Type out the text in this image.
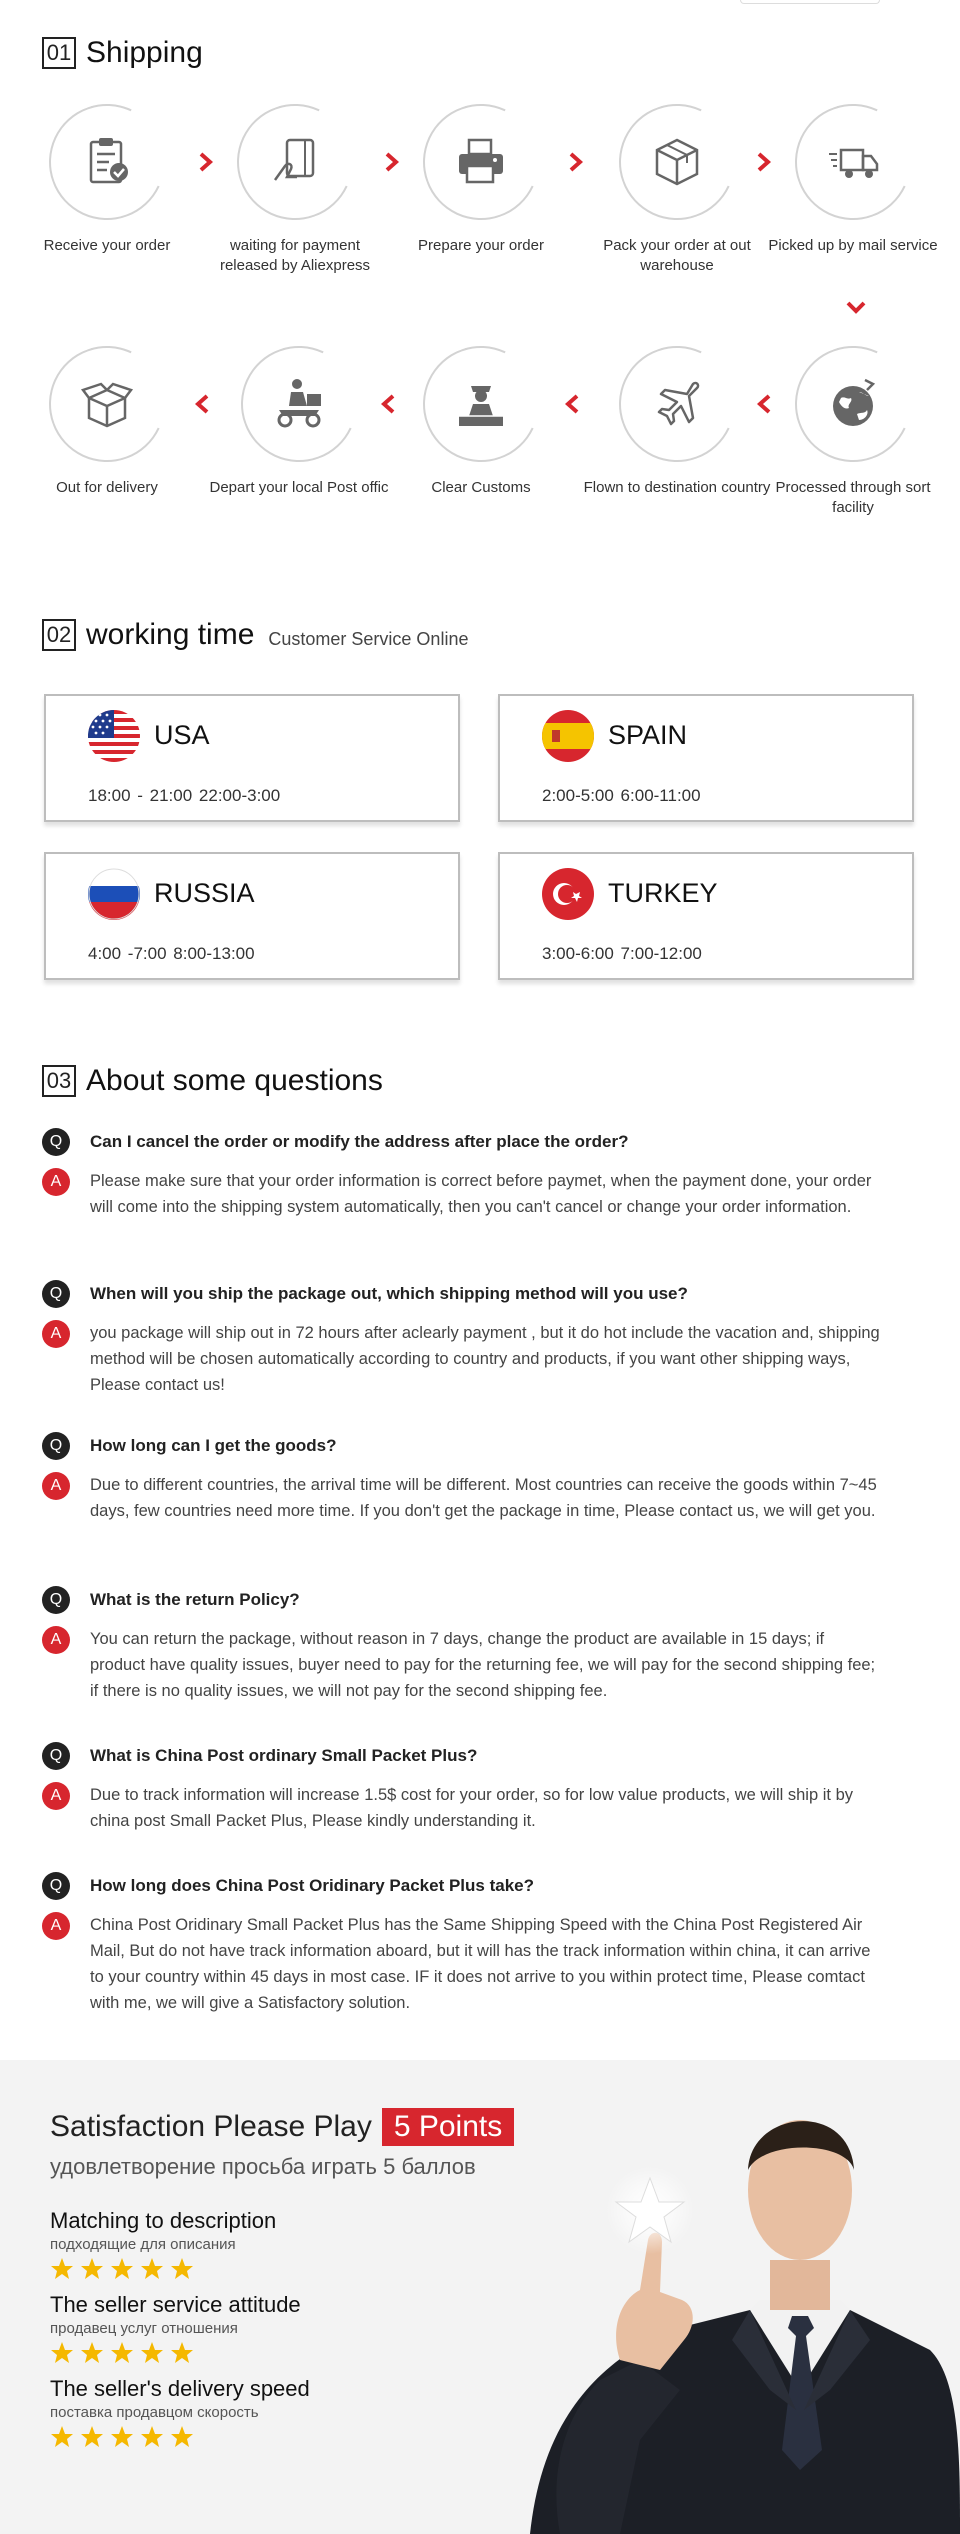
01 Shipping
Receive your order	waiting for payment released by Aliexpress
Prepare your order	Pack your order at out warehouse
Picked up by mail service
Out for delivery	Depart your local Post offic	Clear Customs	Flown to destination country Processed through sort facility
02 working time Customer Service Online
USA
18:00 - 21:00 22:00-3:00
SPAIN
2:00-5:00 6:00-11:00
RUSSIA
4:00 -7:00 8:00-13:00
TURKEY
3:00-6:00 7:00-12:00
03 About some questions
Q	Can I cancel the order or modify the address after place the order?
A	Please make sure that your order information is correct before paymet, when the payment done, your order will come into the shipping system automatically, then you can't cancel or change your order information.
Q	When will you ship the package out, which shipping method will you use?
A	you package will ship out in 72 hours after aclearly payment , but it do hot include the vacation and, shipping method will be chosen automatically according to country and products, if you want other shipping ways, Please contact us!
Q	How long can I get the goods?
A	Due to different countries, the arrival time will be different. Most countries can receive the goods within 7~45 days, few countries need more time. If you don't get the package in time, Please contact us, we will get you.
Q	What is the return Policy?
A	You can return the package, without reason in 7 days, change the product are available in 15 days; if product have quality issues, buyer need to pay for the returning fee, we will pay for the second shipping fee; if there is no quality issues, we will not pay for the second shipping fee.
Q	What is China Post ordinary Small Packet Plus?
A	Due to track information will increase 1.5$ cost for your order, so for low value products, we will ship it by china post Small Packet Plus, Please kindly understanding it.
Q	How long does China Post Oridinary Packet Plus take?
A	China Post Oridinary Small Packet Plus has the Same Shipping Speed with the China Post Registered Air Mail, But do not have track information aboard, but it will has the track information within china, it can arrive to your country within 45 days in most case. IF it does not arrive to you within protect time, Please comtact with me, we will give a Satisfactory solution.
Satisfaction Please Play 5 Points
удовлетворение просьба играть 5 баллов
Matching to description
подходящие для описания
The seller service attitude
продавец услуг отношения
The seller's delivery speed
поставка продавцом скорость
